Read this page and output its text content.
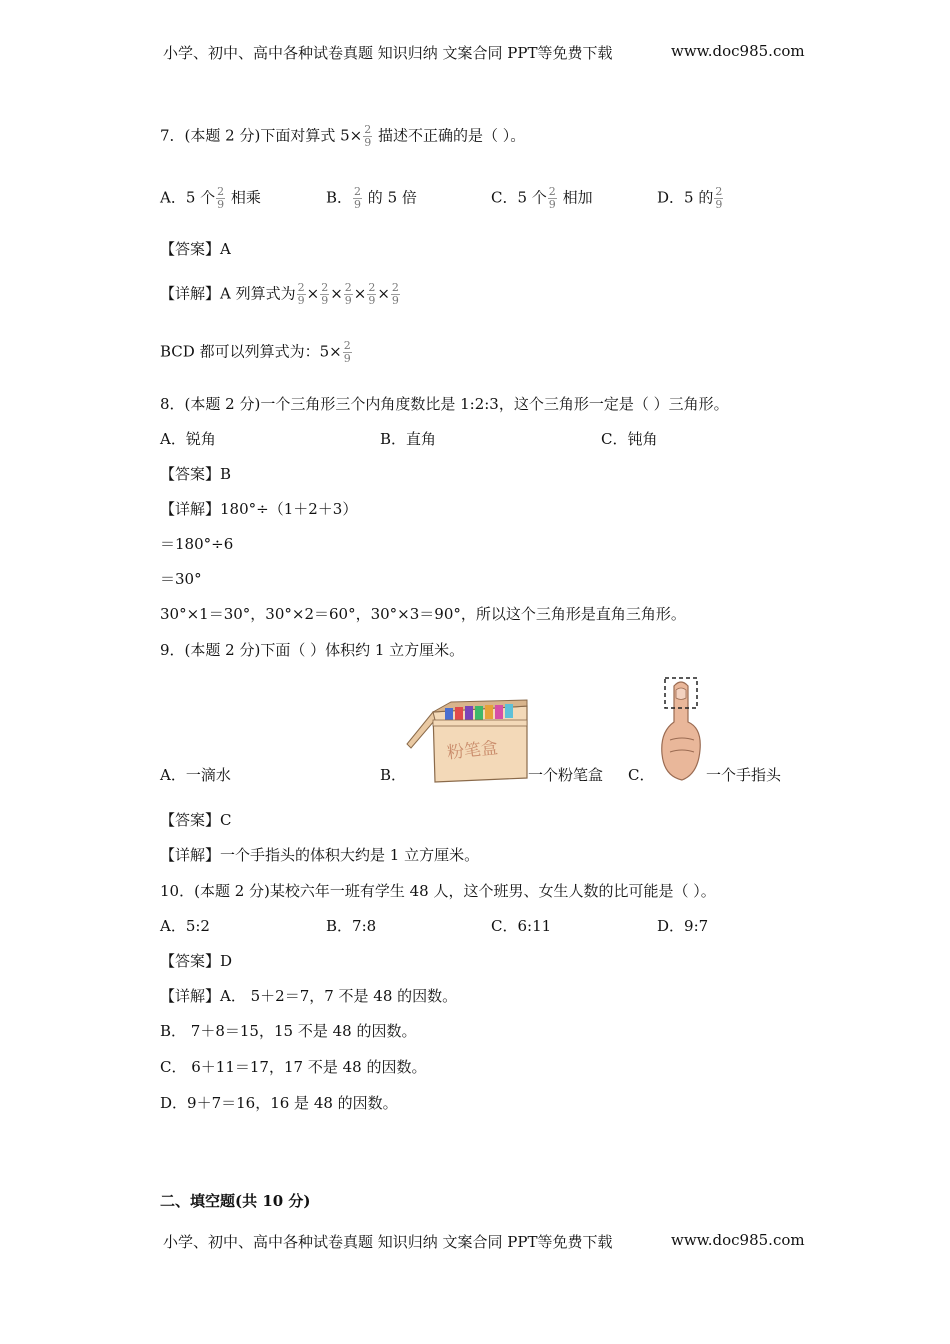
小学、初中、高中各种试卷真题 知识归纳 文案合同 PPT等免费下载	www.doc985.com
7．(本题 2 分)下面对算式 $5\times \frac{2}{9}$ 描述不正确的是（ ）。
A．5 个 $\frac{2}{9}$ 相乘	B． $\frac{2}{9}$ 的 5 倍	C．5 个 $\frac{2}{9}$ 相加	D．5 的 $\frac{2}{9}$
【答案】A
【详解】A 列算式为 $\frac{2}{9} \times \frac{2}{9} \times \frac{2}{9} \times \frac{2}{9} \times \frac{2}{9}$
BCD 都可以列算式为：$5\times \frac{2}{9}$
8．(本题 2 分)一个三角形三个内角度数比是 1:2:3，这个三角形一定是（ ）三角形。
A．锐角	B．直角	C．钝角
【答案】B
【详解】180°÷（1＋2＋3）
＝180°÷6
＝30°
30°×1＝30°，30°×2＝60°，30°×3＝90°，所以这个三角形是直角三角形。
9．(本题 2 分)下面（ ）体积约 1 立方厘米。
A．一滴水	B．
粉笔盒
一个粉笔盒 C．	一个手指头
【答案】C
【详解】一个手指头的体积大约是 1 立方厘米。
10．(本题 2 分)某校六年一班有学生 48 人，这个班男、女生人数的比可能是（ ）。
A．5:2	B．7:8	C．6:11	D．9:7
【答案】D
【详解】A． 5＋2＝7，7 不是 48 的因数。
B． 7＋8＝15，15 不是 48 的因数。
C． 6＋11＝17，17 不是 48 的因数。
D．9＋7＝16，16 是 48 的因数。
二、填空题(共 10 分)
小学、初中、高中各种试卷真题 知识归纳 文案合同 PPT等免费下载	www.doc985.com
